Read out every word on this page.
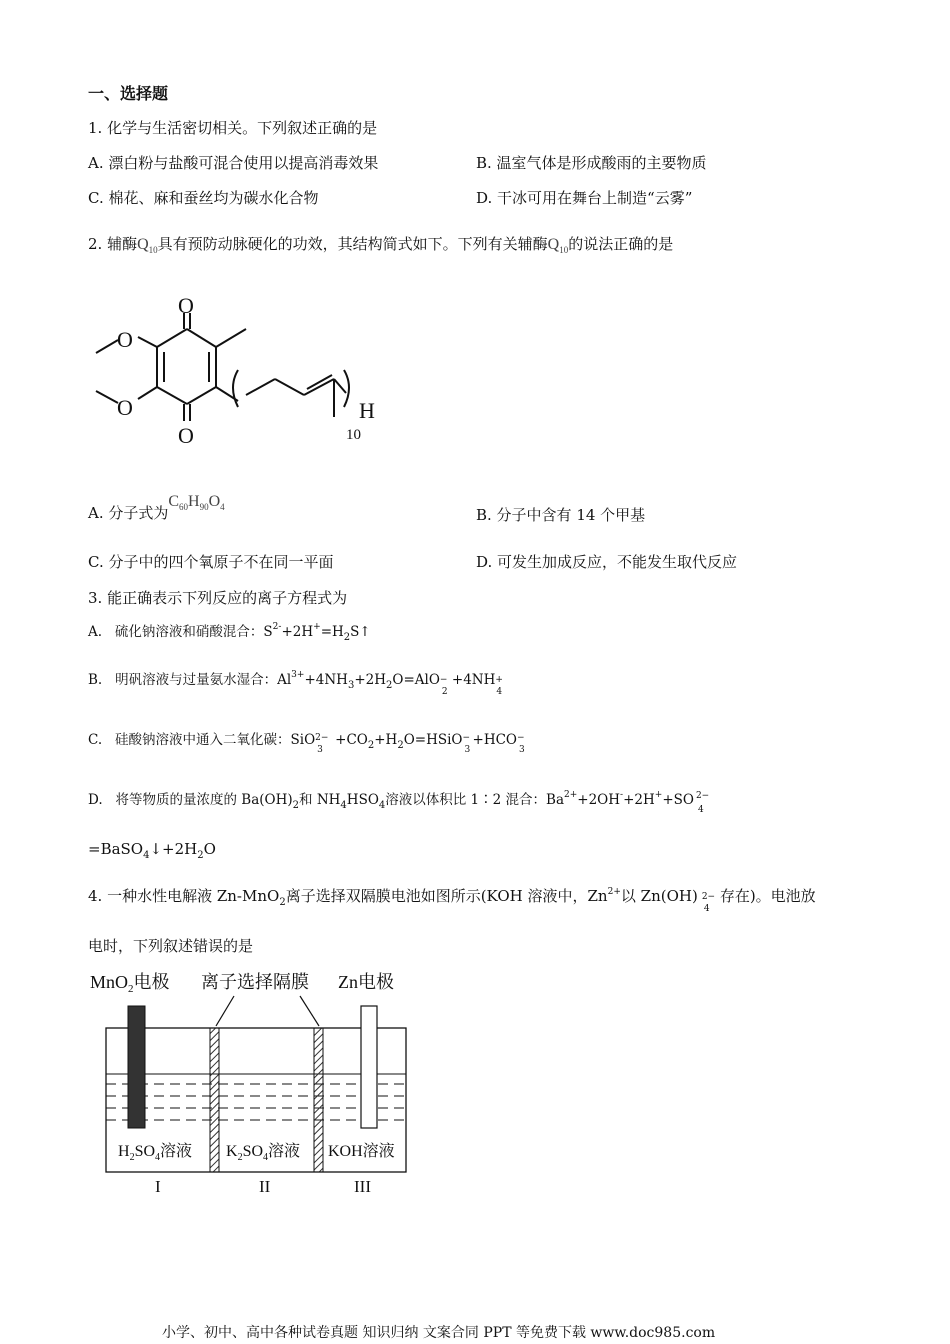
一、选择题
1. 化学与生活密切相关。下列叙述正确的是
A. 漂白粉与盐酸可混合使用以提高消毒效果	B. 温室气体是形成酸雨的主要物质
C. 棉花、麻和蚕丝均为碳水化合物	D. 干冰可用在舞台上制造“云雾”
2. 辅酶$Q_{10}$具有预防动脉硬化的功效，其结构简式如下。下列有关辅酶$Q_{10}$的说法正确的是
O
O
O
O	H
10
A. 分子式为$C_{60}H_{90}O_4$	B. 分子中含有 14 个甲基
C. 分子中的四个氧原子不在同一平面	D. 可发生加成反应，不能发生取代反应
3. 能正确表示下列反应的离子方程式为
A. 硫化钠溶液和硝酸混合：$S^{2-}+2H^+=H_2S↑$
B. 明矾溶液与过量氨水湿合：$Al^{3+}+4NH_3+2H_2O=AlO$ −
2
+4NH +
4
C. 硅酸钠溶液中通入二氧化碳：SiO 2−
3
$+CO_2+H_2O=HSiO$ −
3
+HCO −
3
D. 将等物质的量浓度的 $Ba(OH)_2$和 $NH_4HSO_4$溶液以体积比 1∶2 混合：$Ba^{2+}+2OH^-+2H^++SO$ 2−
4
$=BaSO_4↓+2H_2O$
4. 一种水性电解液 Zn-MnO$_2$离子选择双隔膜电池如图所示(KOH 溶液中，$Zn^{2+}$以 Zn(OH) 2−
4
存在)。电池放
电时，下列叙述错误的是
MnO$_2$电极 离子选择隔膜 Zn电极
$H_2SO_4$溶液 $K_2SO_4$溶液 KOH溶液
I	II	III
小学、初中、高中各种试卷真题 知识归纳 文案合同 PPT 等免费下载 www.doc985.com
